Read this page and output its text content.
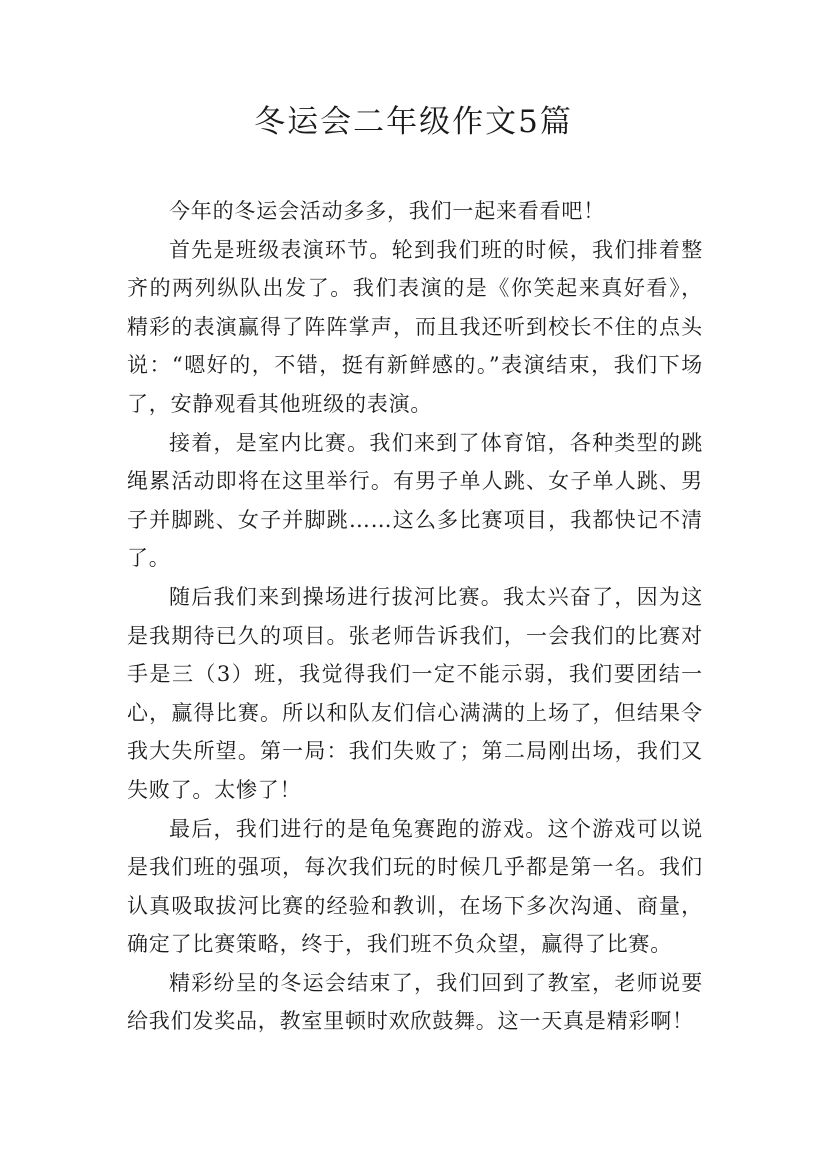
冬运会二年级作文5篇

今年的冬运会活动多多，我们一起来看看吧！

首先是班级表演环节。轮到我们班的时候，我们排着整齐的两列纵队出发了。我们表演的是《你笑起来真好看》，精彩的表演赢得了阵阵掌声，而且我还听到校长不住的点头说：“嗯好的，不错，挺有新鲜感的。”表演结束，我们下场了，安静观看其他班级的表演。

接着，是室内比赛。我们来到了体育馆，各种类型的跳绳累活动即将在这里举行。有男子单人跳、女子单人跳、男子并脚跳、女子并脚跳……这么多比赛项目，我都快记不清了。

随后我们来到操场进行拔河比赛。我太兴奋了，因为这是我期待已久的项目。张老师告诉我们，一会我们的比赛对手是三（3）班，我觉得我们一定不能示弱，我们要团结一心，赢得比赛。所以和队友们信心满满的上场了，但结果令我大失所望。第一局：我们失败了；第二局刚出场，我们又失败了。太惨了！

最后，我们进行的是龟兔赛跑的游戏。这个游戏可以说是我们班的强项，每次我们玩的时候几乎都是第一名。我们认真吸取拔河比赛的经验和教训，在场下多次沟通、商量，确定了比赛策略，终于，我们班不负众望，赢得了比赛。

精彩纷呈的冬运会结束了，我们回到了教室，老师说要给我们发奖品，教室里顿时欢欣鼓舞。这一天真是精彩啊！
